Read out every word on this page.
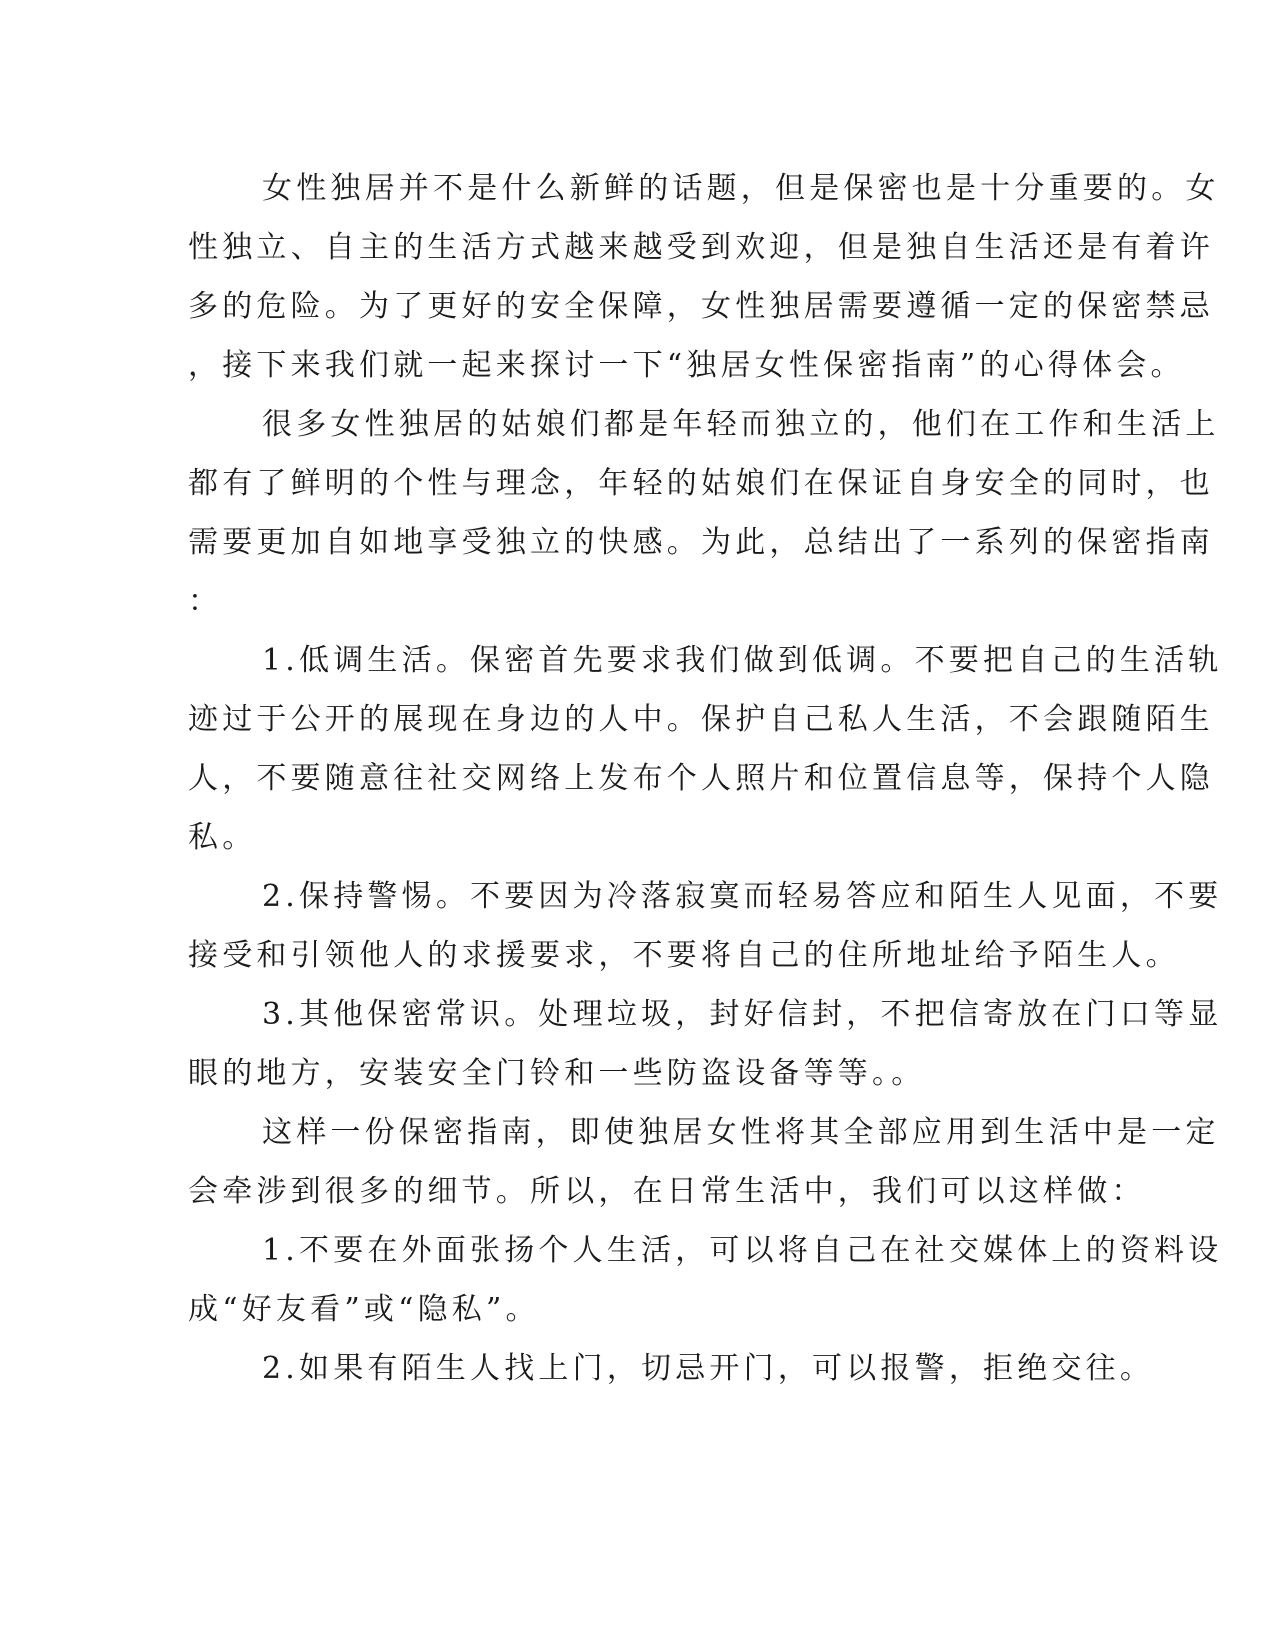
女性独居并不是什么新鲜的话题，但是保密也是十分重要的。女
性独立、自主的生活方式越来越受到欢迎，但是独自生活还是有着许
多的危险。为了更好的安全保障，女性独居需要遵循一定的保密禁忌
，接下来我们就一起来探讨一下“独居女性保密指南”的心得体会。
很多女性独居的姑娘们都是年轻而独立的，他们在工作和生活上
都有了鲜明的个性与理念，年轻的姑娘们在保证自身安全的同时，也
需要更加自如地享受独立的快感。为此，总结出了一系列的保密指南
：
1.低调生活。保密首先要求我们做到低调。不要把自己的生活轨
迹过于公开的展现在身边的人中。保护自己私人生活，不会跟随陌生
人，不要随意往社交网络上发布个人照片和位置信息等，保持个人隐
私。
2.保持警惕。不要因为冷落寂寞而轻易答应和陌生人见面，不要
接受和引领他人的求援要求，不要将自己的住所地址给予陌生人。
3.其他保密常识。处理垃圾，封好信封，不把信寄放在门口等显
眼的地方，安装安全门铃和一些防盗设备等等。。
这样一份保密指南，即使独居女性将其全部应用到生活中是一定
会牵涉到很多的细节。所以，在日常生活中，我们可以这样做：
1.不要在外面张扬个人生活，可以将自己在社交媒体上的资料设
成“好友看”或“隐私”。
2.如果有陌生人找上门，切忌开门，可以报警，拒绝交往。
